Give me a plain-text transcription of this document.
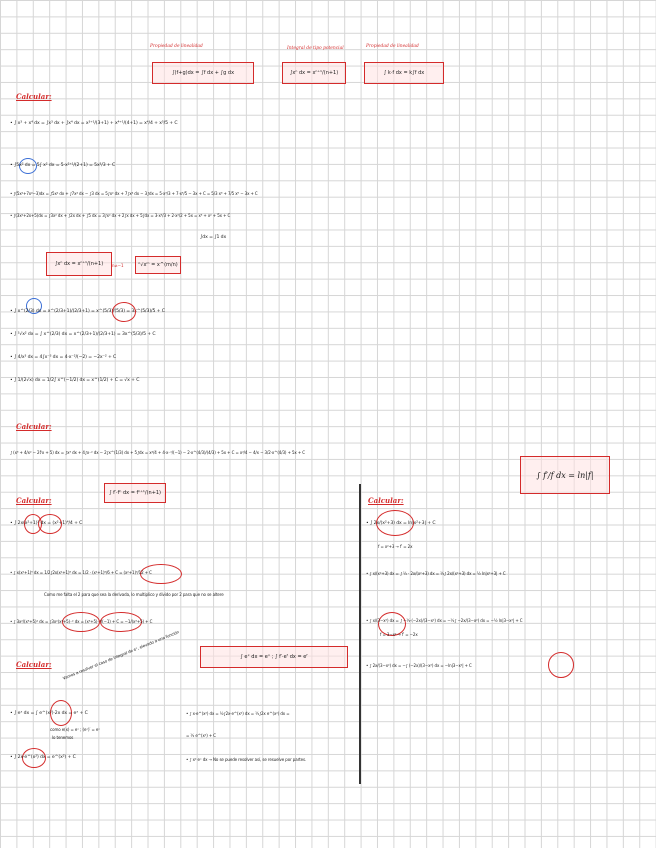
Propiedad de linealidad	Integral de tipo potencial	Propiedad de linealidad
∫(f+g)dx = ∫f dx + ∫g dx	∫xⁿ dx = xⁿ⁺¹/(n+1)	∫ k·f dx = k∫f dx
Calcular:
• ∫ x³ + x⁴ dx = ∫x³ dx + ∫x⁴ dx = x³⁺¹/(3+1) + x⁴⁺¹/(4+1) = x⁴/4 + x⁵/5 + C
• ∫5x² dx = 5∫ x² dx = 5·x²⁺¹/(2+1) = 5x³/3 + C
• ∫(5x²+7x⁴−3)dx = ∫5x² dx + ∫7x⁴ dx − ∫3 dx = 5∫x² dx + 7∫x⁴ dx − 3∫dx = 5·x³/3 + 7·x⁵/5 − 3x + C = 5/3 x³ + 7/5 x⁵ − 3x + C
• ∫(3x²+2x+5)dx = ∫3x² dx + ∫2x dx + ∫5 dx = 3∫x² dx + 2∫x dx + 5∫dx = 3·x³/3 + 2·x²/2 + 5x = x³ + x² + 5x + C
∫dx = ∫1 dx
∫xⁿ dx = xⁿ⁺¹/(n+1)	n≠−1	ⁿ√xᵐ = x^(m/n)
• ∫ x^(2/3) dx = x^(2/3+1)/(2/3+1) = x^(5/3)/(5/3) = 3x^(5/3)/5 + C
• ∫ ³√x² dx = ∫ x^(2/3) dx = x^(2/3+1)/(2/3+1) = 3x^(5/3)/5 + C
• ∫ 4/x³ dx = 4∫x⁻³ dx = 4·x⁻²/(−2) = −2x⁻² + C
• ∫ 1/(2√x) dx = 1/2∫ x^(−1/2) dx = x^(1/2) + C = √x + C
Calcular:
∫ (x³ + 4/x² − 2∛x + 5) dx = ∫x³ dx + 4∫x⁻² dx − 2∫x^(1/3) dx + 5∫dx = x⁴/4 + 4·x⁻¹/(−1) − 2·x^(4/3)/(4/3) + 5x + C = x⁴/4 − 4/x − 3/2·x^(4/3) + 5x + C
∫ f′/f dx = ln|f|
Calcular:
∫ f′·fⁿ dx = fⁿ⁺¹/(n+1)
• ∫ 2x(x²+1)³ dx = (x²+1)⁴/4 + C
• ∫ x(x²+1)⁵ dx = 1/2∫2x(x²+1)⁵ dx = 1/2 · (x²+1)⁶/6 + C = (x²+1)⁶/12 + C
Como me falta el 2 para que sea la derivada, lo multiplico y divido por 2 para que no se altere
• ∫ 3x²/(x³+5)² dx = ∫3x²(x³+5)⁻² dx = (x³+5)⁻¹/(−1) + C = −1/(x³+5) + C
Calcular:
• ∫ 2x/(x²+3) dx = ln|x²+3| + C
f = x²+3 → f′ = 2x
• ∫ x/(x²+3) dx = ∫ ½ · 2x/(x²+3) dx = ½∫ 2x/(x²+3) dx = ½ ln|x²+3| + C
• ∫ x/(3−x²) dx = ∫ −½·(−2x)/(3−x²) dx = −½∫ −2x/(3−x²) dx = −½ ln|3−x²| + C
f = 3−x² → f′ = −2x
• ∫ 2x/(3−x²) dx = −∫ (−2x)/(3−x²) dx = −ln|3−x²| + C
Calcular:
∫ eˣ dx = eˣ ; ∫ f′·eᶠ dx = eᶠ
Vamos a resolver el caso de integral de eˣ, elevado a una función
• ∫ eˣ dx = ∫ e^(x²)·2x dx = eˣ + C
como e(x) = eˣ ; (eˣ)′ = eˣ
lo tenemos
• ∫ 2x·e^(x²) dx = e^(x²) + C
• ∫ x·e^(x²) dx = ½∫2x·e^(x²) dx = ½∫2x e^(x²) dx =
= ½ e^(x²) + C
• ∫ x² eˣ dx → No se puede resolver así, se resuelve por partes.
